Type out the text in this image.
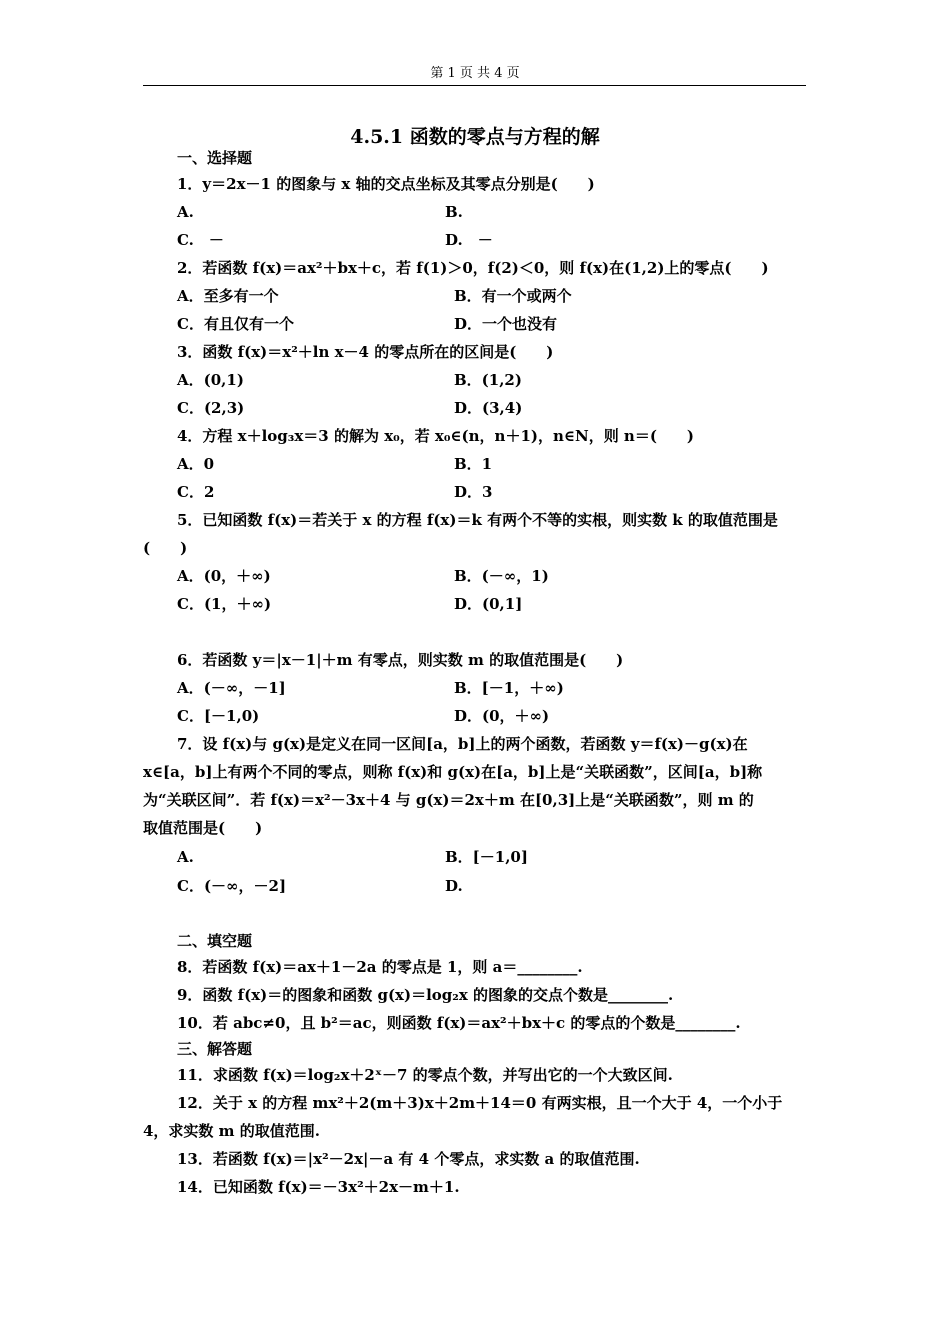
第 1 页 共 4 页
4.5.1 函数的零点与方程的解
一、选择题
1．y＝2x－1 的图象与 x 轴的交点坐标及其零点分别是(　　)
A.	B.
C.　－	D.　－
2．若函数 f(x)＝ax²＋bx＋c，若 f(1)＞0，f(2)＜0，则 f(x)在(1,2)上的零点(　　)
A．至多有一个	B．有一个或两个
C．有且仅有一个	D．一个也没有
3．函数 f(x)＝x²＋ln x－4 的零点所在的区间是(　　)
A．(0,1)	B．(1,2)
C．(2,3)	D．(3,4)
4．方程 x＋log₃x＝3 的解为 x₀，若 x₀∈(n，n＋1)，n∈N，则 n＝(　　)
A．0	B．1
C．2	D．3
5．已知函数 f(x)＝若关于 x 的方程 f(x)＝k 有两个不等的实根，则实数 k 的取值范围是
(　　)
A．(0，＋∞)	B．(－∞，1)
C．(1，＋∞)	D．(0,1]
6．若函数 y＝|x－1|＋m 有零点，则实数 m 的取值范围是(　　)
A．(－∞，－1]	B．[－1，＋∞)
C．[－1,0)	D．(0，＋∞)
7．设 f(x)与 g(x)是定义在同一区间[a，b]上的两个函数，若函数 y＝f(x)－g(x)在
x∈[a，b]上有两个不同的零点，则称 f(x)和 g(x)在[a，b]上是“关联函数”，区间[a，b]称
为“关联区间”．若 f(x)＝x²－3x＋4 与 g(x)＝2x＋m 在[0,3]上是“关联函数”，则 m 的
取值范围是(　　)
A.	B．[－1,0]
C．(－∞，－2]	D.
二、填空题
8．若函数 f(x)＝ax＋1－2a 的零点是 1，则 a＝________.
9．函数 f(x)＝的图象和函数 g(x)＝log₂x 的图象的交点个数是________.
10．若 abc≠0，且 b²＝ac，则函数 f(x)＝ax²＋bx＋c 的零点的个数是________.
三、解答题
11．求函数 f(x)＝log₂x＋2ˣ－7 的零点个数，并写出它的一个大致区间.
12．关于 x 的方程 mx²＋2(m＋3)x＋2m＋14＝0 有两实根，且一个大于 4，一个小于
4，求实数 m 的取值范围.
13．若函数 f(x)＝|x²－2x|－a 有 4 个零点，求实数 a 的取值范围.
14．已知函数 f(x)＝－3x²＋2x－m＋1.
